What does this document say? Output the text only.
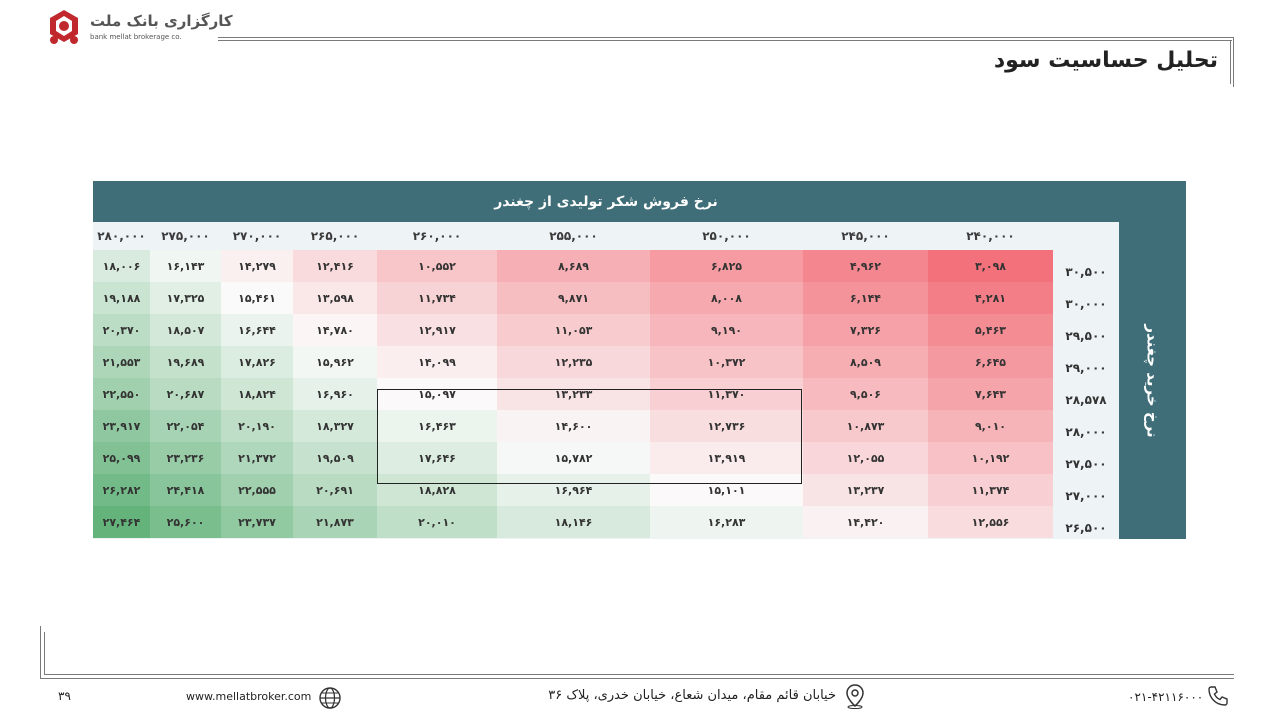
کارگزاری بانک ملت
bank mellat brokerage co.
تحلیل حساسیت سود
نرخ فروش شکر تولیدی از چغندر
نرخ خرید چغندر
۲۸۰,۰۰۰	۲۷۵,۰۰۰	۲۷۰,۰۰۰	۲۶۵,۰۰۰	۲۶۰,۰۰۰	۲۵۵,۰۰۰	۲۵۰,۰۰۰	۲۴۵,۰۰۰	۲۴۰,۰۰۰
۱۸,۰۰۶	۱۶,۱۴۳	۱۴,۲۷۹	۱۲,۴۱۶	۱۰,۵۵۲	۸,۶۸۹	۶,۸۲۵	۴,۹۶۲	۳,۰۹۸	۳۰,۵۰۰
۱۹,۱۸۸	۱۷,۳۲۵	۱۵,۴۶۱	۱۳,۵۹۸	۱۱,۷۳۴	۹,۸۷۱	۸,۰۰۸	۶,۱۴۴	۴,۲۸۱	۳۰,۰۰۰
۲۰,۳۷۰	۱۸,۵۰۷	۱۶,۶۴۴	۱۴,۷۸۰	۱۲,۹۱۷	۱۱,۰۵۳	۹,۱۹۰	۷,۳۲۶	۵,۴۶۳	۲۹,۵۰۰
۲۱,۵۵۳	۱۹,۶۸۹	۱۷,۸۲۶	۱۵,۹۶۲	۱۴,۰۹۹	۱۲,۲۳۵	۱۰,۳۷۲	۸,۵۰۹	۶,۶۴۵	۲۹,۰۰۰
۲۲,۵۵۰	۲۰,۶۸۷	۱۸,۸۲۴	۱۶,۹۶۰	۱۵,۰۹۷	۱۳,۲۳۳	۱۱,۳۷۰	۹,۵۰۶	۷,۶۴۳	۲۸,۵۷۸
۲۳,۹۱۷	۲۲,۰۵۴	۲۰,۱۹۰	۱۸,۳۲۷	۱۶,۴۶۳	۱۴,۶۰۰	۱۲,۷۳۶	۱۰,۸۷۳	۹,۰۱۰	۲۸,۰۰۰
۲۵,۰۹۹	۲۳,۲۳۶	۲۱,۳۷۲	۱۹,۵۰۹	۱۷,۶۴۶	۱۵,۷۸۲	۱۳,۹۱۹	۱۲,۰۵۵	۱۰,۱۹۲	۲۷,۵۰۰
۲۶,۲۸۲	۲۴,۴۱۸	۲۲,۵۵۵	۲۰,۶۹۱	۱۸,۸۲۸	۱۶,۹۶۴	۱۵,۱۰۱	۱۳,۲۳۷	۱۱,۳۷۴	۲۷,۰۰۰
۲۷,۴۶۴	۲۵,۶۰۰	۲۳,۷۳۷	۲۱,۸۷۳	۲۰,۰۱۰	۱۸,۱۴۶	۱۶,۲۸۳	۱۴,۴۲۰	۱۲,۵۵۶	۲۶,۵۰۰
۳۹	www.mellatbroker.com	خیابان قائم مقام، میدان شعاع، خیابان خدری، پلاک ۳۶	۰۲۱-۴۲۱۱۶۰۰۰
